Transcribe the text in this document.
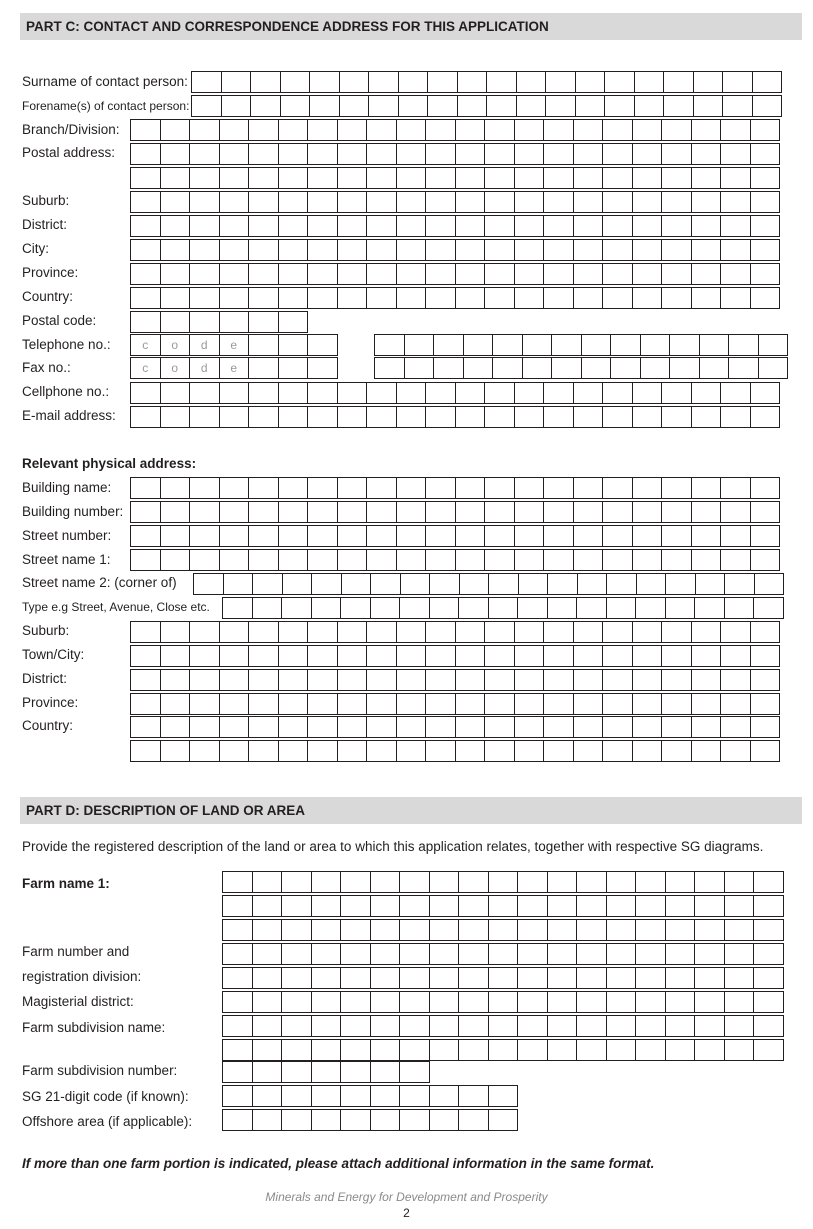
PART C: CONTACT AND CORRESPONDENCE ADDRESS FOR THIS APPLICATION
Surname of contact person:
Forename(s) of contact person:
Branch/Division:
Postal address:
Suburb:
District:
City:
Province:
Country:
Postal code:
Telephone no.:	c	o	d	e
Fax no.:	c	o	d	e
Cellphone no.:
E-mail address:
Relevant physical address:
Building name:
Building number:
Street number:
Street name 1:
Street name 2: (corner of)
Type e.g Street, Avenue, Close etc.
Suburb:
Town/City:
District:
Province:
Country:
PART D: DESCRIPTION OF LAND OR AREA
Provide the registered description of the land or area to which this application relates, together with respective SG diagrams.
Farm name 1:
Farm number and
registration division:
Magisterial district:
Farm subdivision name:
Farm subdivision number:
SG 21-digit code (if known):
Offshore area (if applicable):
If more than one farm portion is indicated, please attach additional information in the same format.
Minerals and Energy for Development and Prosperity
2
